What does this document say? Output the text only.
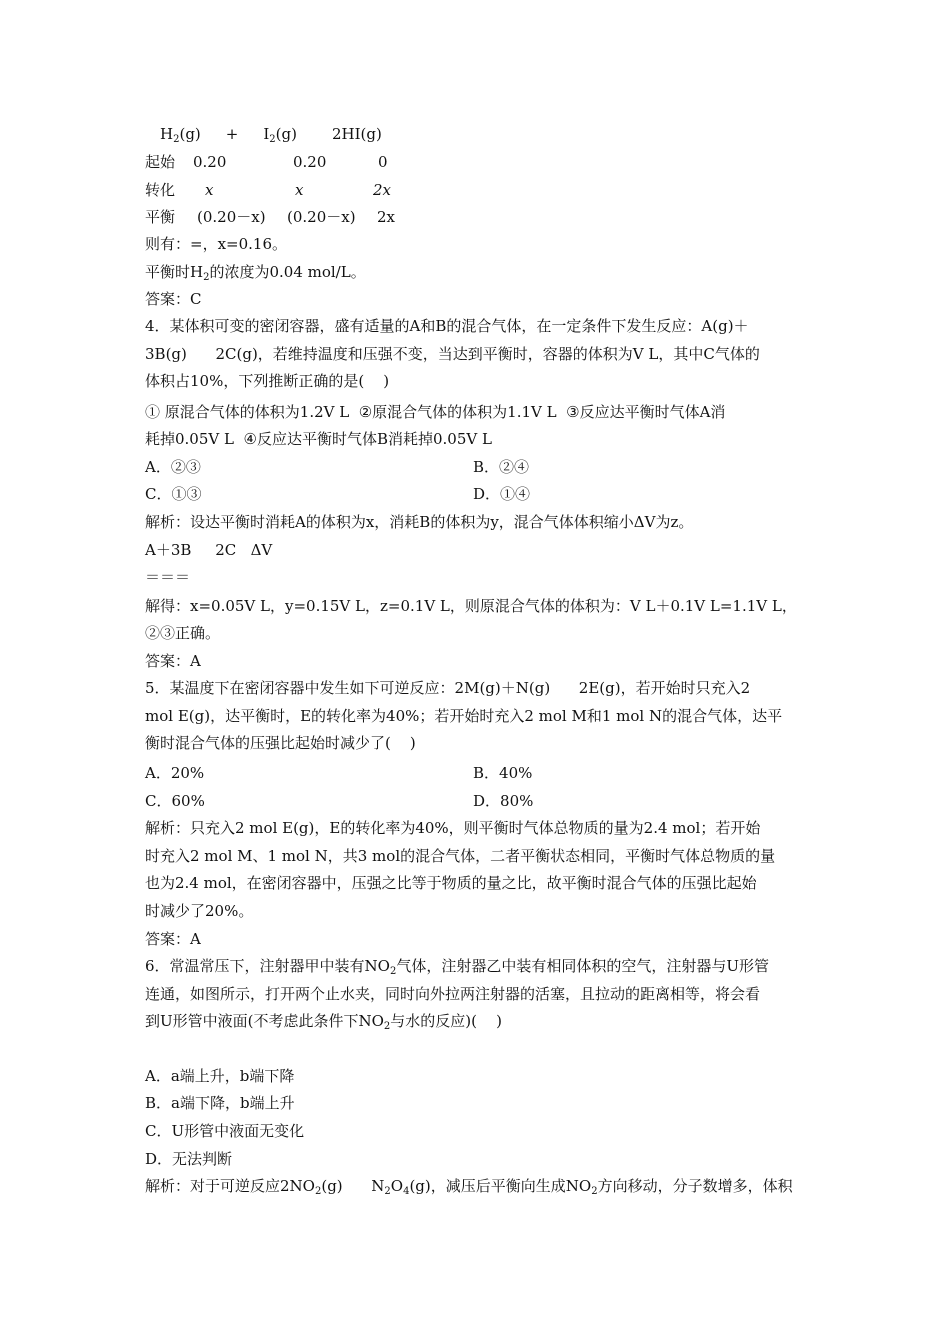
$H_2(g) + I_2(g)$ 2HI(g)
起始 0.20	0.20	0
转化 x	x	2x
平衡 (0.20－x) (0.20－x) 2x
则有：=，x=0.16。
平衡时$H_2$的浓度为0.04 mol/L。
答案：C
4．某体积可变的密闭容器，盛有适量的A和B的混合气体，在一定条件下发生反应：A(g)＋
3B(g)      2C(g)，若维持温度和压强不变，当达到平衡时，容器的体积为V L，其中C气体的
体积占10%，下列推断正确的是(    )
① 原混合气体的体积为1.2V L  ②原混合气体的体积为1.1V L  ③反应达平衡时气体A消
耗掉0.05V L  ④反应达平衡时气体B消耗掉0.05V L
A．②③	B．②④
C．①③	D．①④
解析：设达平衡时消耗A的体积为x，消耗B的体积为y，混合气体体积缩小ΔV为z。
A＋3B     2C   ΔV
＝＝＝
解得：x=0.05V L，y=0.15V L，z=0.1V L，则原混合气体的体积为：V L＋0.1V L=1.1V L，
②③正确。
答案：A
5．某温度下在密闭容器中发生如下可逆反应：2M(g)＋N(g)      2E(g)，若开始时只充入2
mol E(g)，达平衡时，E的转化率为40%；若开始时充入2 mol M和1 mol N的混合气体，达平
衡时混合气体的压强比起始时减少了(    )
A．20%	B．40%
C．60%	D．80%
解析：只充入2 mol E(g)，E的转化率为40%，则平衡时气体总物质的量为2.4 mol；若开始
时充入2 mol M、1 mol N，共3 mol的混合气体，二者平衡状态相同，平衡时气体总物质的量
也为2.4 mol，在密闭容器中，压强之比等于物质的量之比，故平衡时混合气体的压强比起始
时减少了20%。
答案：A
6．常温常压下，注射器甲中装有$NO_2$气体，注射器乙中装有相同体积的空气，注射器与U形管
连通，如图所示，打开两个止水夹，同时向外拉两注射器的活塞，且拉动的距离相等，将会看
到U形管中液面(不考虑此条件下$NO_2$与水的反应)(    )
A．a端上升，b端下降
B．a端下降，b端上升
C．U形管中液面无变化
D．无法判断
解析：对于可逆反应$2NO_2(g)$      $N_2O_4(g)$，减压后平衡向生成$NO_2$方向移动，分子数增多，体积
